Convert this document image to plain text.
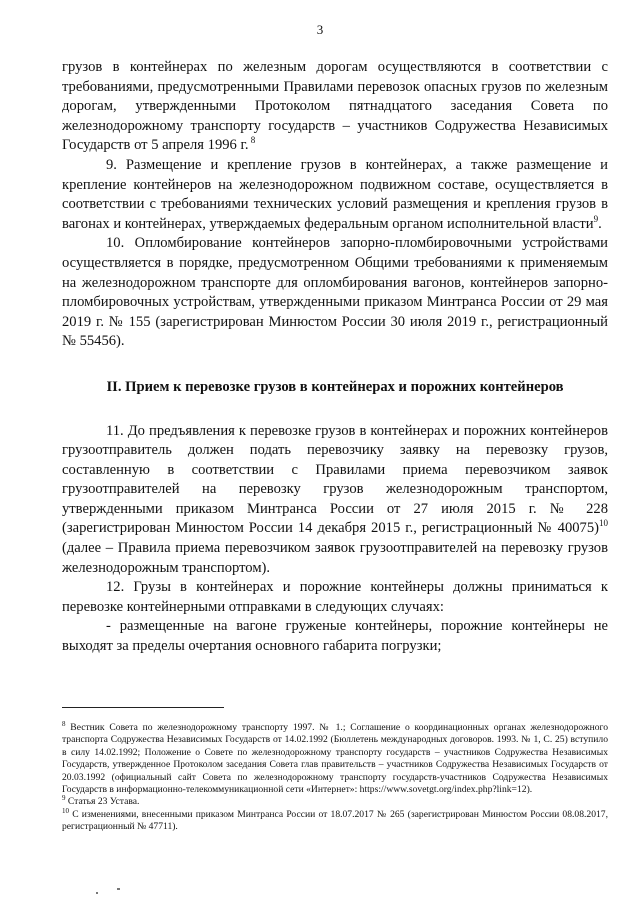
3

грузов в контейнерах по железным дорогам осуществляются в соответствии с требованиями, предусмотренными Правилами перевозок опасных грузов по железным дорогам, утвержденными Протоколом пятнадцатого заседания Совета по железнодорожному транспорту государств – участников Содружества Независимых Государств от 5 апреля 1996 г. $^8$

9. Размещение и крепление грузов в контейнерах, а также размещение и крепление контейнеров на железнодорожном подвижном составе, осуществляется в соответствии с требованиями технических условий размещения и крепления грузов в вагонах и контейнерах, утверждаемых федеральным органом исполнительной власти$^9$.

10. Опломбирование контейнеров запорно-пломбировочными устройствами осуществляется в порядке, предусмотренном Общими требованиями к применяемым на железнодорожном транспорте для опломбирования вагонов, контейнеров запорно-пломбировочных устройствам, утвержденными приказом Минтранса России от 29 мая 2019 г. № 155 (зарегистрирован Минюстом России 30 июля 2019 г., регистрационный № 55456).

II. Прием к перевозке грузов в контейнерах и порожних контейнеров

11. До предъявления к перевозке грузов в контейнерах и порожних контейнеров грузоотправитель должен подать перевозчику заявку на перевозку грузов, составленную в соответствии с Правилами приема перевозчиком заявок грузоотправителей на перевозку грузов железнодорожным транспортом, утвержденными приказом Минтранса России от 27 июля 2015 г. № 228 (зарегистрирован Минюстом России 14 декабря 2015 г., регистрационный № 40075)$^{10}$ (далее – Правила приема перевозчиком заявок грузоотправителей на перевозку грузов железнодорожным транспортом).

12. Грузы в контейнерах и порожние контейнеры должны приниматься к перевозке контейнерными отправками в следующих случаях:

- размещенные на вагоне груженые контейнеры, порожние контейнеры не выходят за пределы очертания основного габарита погрузки;

$^8$ Вестник Совета по железнодорожному транспорту 1997. № 1.; Соглашение о координационных органах железнодорожного транспорта Содружества Независимых Государств от 14.02.1992 (Бюллетень международных договоров. 1993. № 1, С. 25) вступило в силу 14.02.1992; Положение о Совете по железнодорожному транспорту государств – участников Содружества Независимых Государств, утвержденное Протоколом заседания Совета глав правительств – участников Содружества Независимых Государств от 20.03.1992 (официальный сайт Совета по железнодорожному транспорту государств-участников Содружества Независимых Государств в информационно-телекоммуникационной сети «Интернет»: https://www.sovetgt.org/index.php?link=12).

$^9$ Статья 23 Устава.

$^{10}$ С изменениями, внесенными приказом Минтранса России от 18.07.2017 № 265 (зарегистрирован Минюстом России 08.08.2017, регистрационный № 47711).
